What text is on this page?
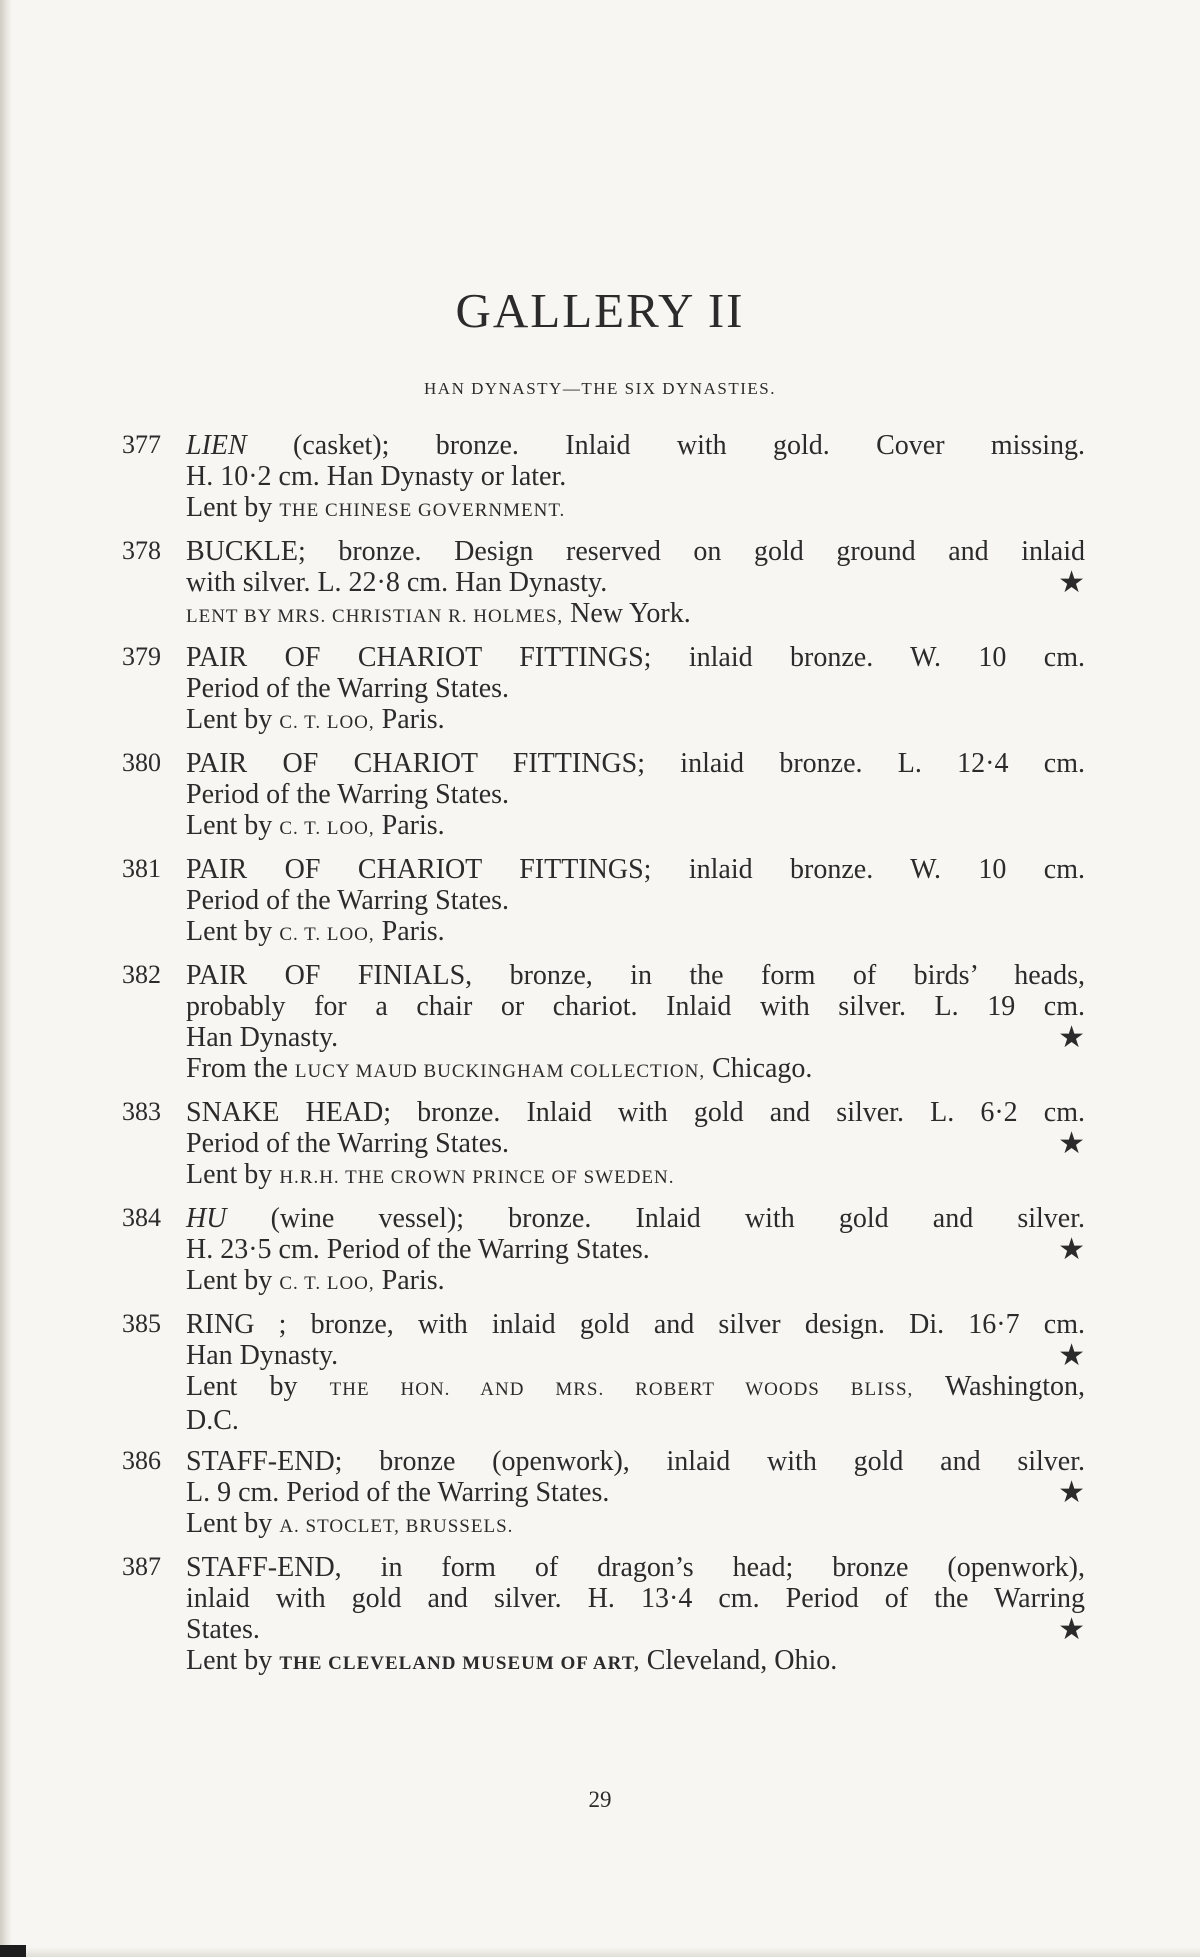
GALLERY II
HAN DYNASTY—THE SIX DYNASTIES.
377 LIEN (casket); bronze. Inlaid with gold. Cover missing.
H. 10·2 cm. Han Dynasty or later.
Lent by THE CHINESE GOVERNMENT.
378 BUCKLE; bronze. Design reserved on gold ground and inlaid
with silver. L. 22·8 cm. Han Dynasty.	★
LENT BY MRS. CHRISTIAN R. HOLMES, New York.
379 PAIR OF CHARIOT FITTINGS; inlaid bronze. W. 10 cm.
Period of the Warring States.
Lent by C. T. LOO, Paris.
380 PAIR OF CHARIOT FITTINGS; inlaid bronze. L. 12·4 cm.
Period of the Warring States.
Lent by C. T. LOO, Paris.
381 PAIR OF CHARIOT FITTINGS; inlaid bronze. W. 10 cm.
Period of the Warring States.
Lent by C. T. LOO, Paris.
382 PAIR OF FINIALS, bronze, in the form of birds’ heads,
probably for a chair or chariot. Inlaid with silver. L. 19 cm.
Han Dynasty.	★
From the LUCY MAUD BUCKINGHAM COLLECTION, Chicago.
383 SNAKE HEAD; bronze. Inlaid with gold and silver. L. 6·2 cm.
Period of the Warring States.	★
Lent by H.R.H. THE CROWN PRINCE OF SWEDEN.
384 HU (wine vessel); bronze. Inlaid with gold and silver.
H. 23·5 cm. Period of the Warring States.	★
Lent by C. T. LOO, Paris.
385 RING ; bronze, with inlaid gold and silver design. Di. 16·7 cm.
Han Dynasty.	★
Lent by THE HON. AND MRS. ROBERT WOODS BLISS, Washington,
D.C.
386 STAFF-END; bronze (openwork), inlaid with gold and silver.
L. 9 cm. Period of the Warring States.	★
Lent by A. STOCLET, BRUSSELS.
387 STAFF-END, in form of dragon’s head; bronze (openwork),
inlaid with gold and silver. H. 13·4 cm. Period of the Warring
States.	★
Lent by THE CLEVELAND MUSEUM OF ART, Cleveland, Ohio.
29
